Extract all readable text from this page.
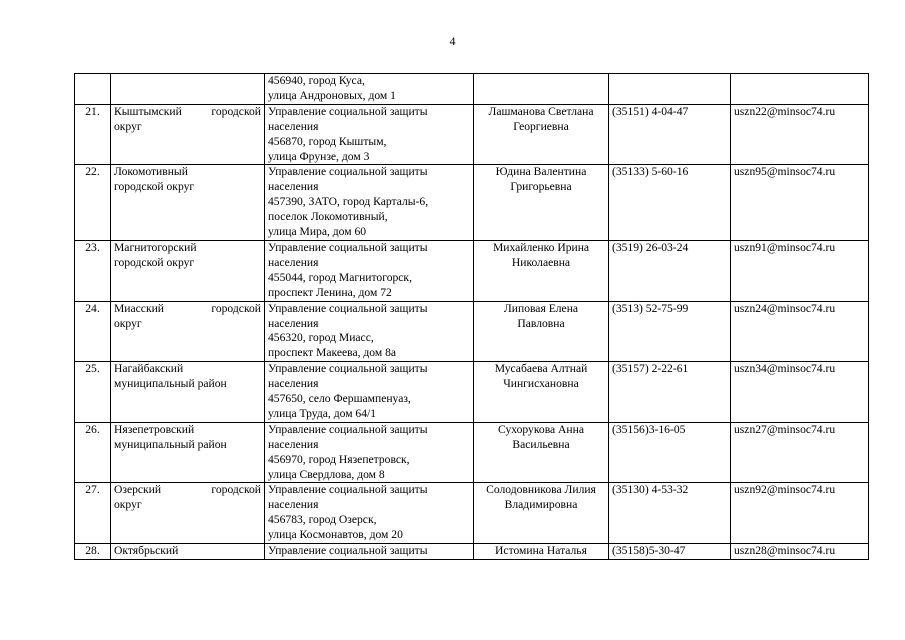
4

		456940, город Куса,
улица Андроновых, дом 1			

21.	Кыштымский городской
округ	Управление социальной защиты
населения
456870, город Кыштым,
улица Фрунзе, дом 3	Лашманова Светлана
Георгиевна	(35151) 4-04-47	uszn22@minsoc74.ru
22.	Локомотивный
городской округ	Управление социальной защиты
населения
457390, ЗАТО, город Карталы-6,
поселок Локомотивный,
улица Мира, дом 60	Юдина Валентина
Григорьевна	(35133) 5-60-16	uszn95@minsoc74.ru
23.	Магнитогорский
городской округ	Управление социальной защиты
населения
455044, город Магнитогорск,
проспект Ленина, дом 72	Михайленко Ирина
Николаевна	(3519) 26-03-24	uszn91@minsoc74.ru
24.	Миасский городской
округ	Управление социальной защиты
населения
456320, город Миасс,
проспект Макеева, дом 8а	Липовая Елена
Павловна	(3513) 52-75-99	uszn24@minsoc74.ru
25.	Нагайбакский
муниципальный район	Управление социальной защиты
населения
457650, село Фершампенуаз,
улица Труда, дом 64/1	Мусабаева Алтнай
Чингисхановна	(35157) 2-22-61	uszn34@minsoc74.ru
26.	Нязепетровский
муниципальный район	Управление социальной защиты
населения
456970, город Нязепетровск,
улица Свердлова, дом 8	Сухорукова Анна
Васильевна	(35156)3-16-05	uszn27@minsoc74.ru
27.	Озерский городской
округ	Управление социальной защиты
населения
456783, город Озерск,
улица Космонавтов, дом 20	Солодовникова Лилия
Владимировна	(35130) 4-53-32	uszn92@minsoc74.ru
28.	Октябрьский	Управление социальной защиты	Истомина Наталья	(35158)5-30-47	uszn28@minsoc74.ru
